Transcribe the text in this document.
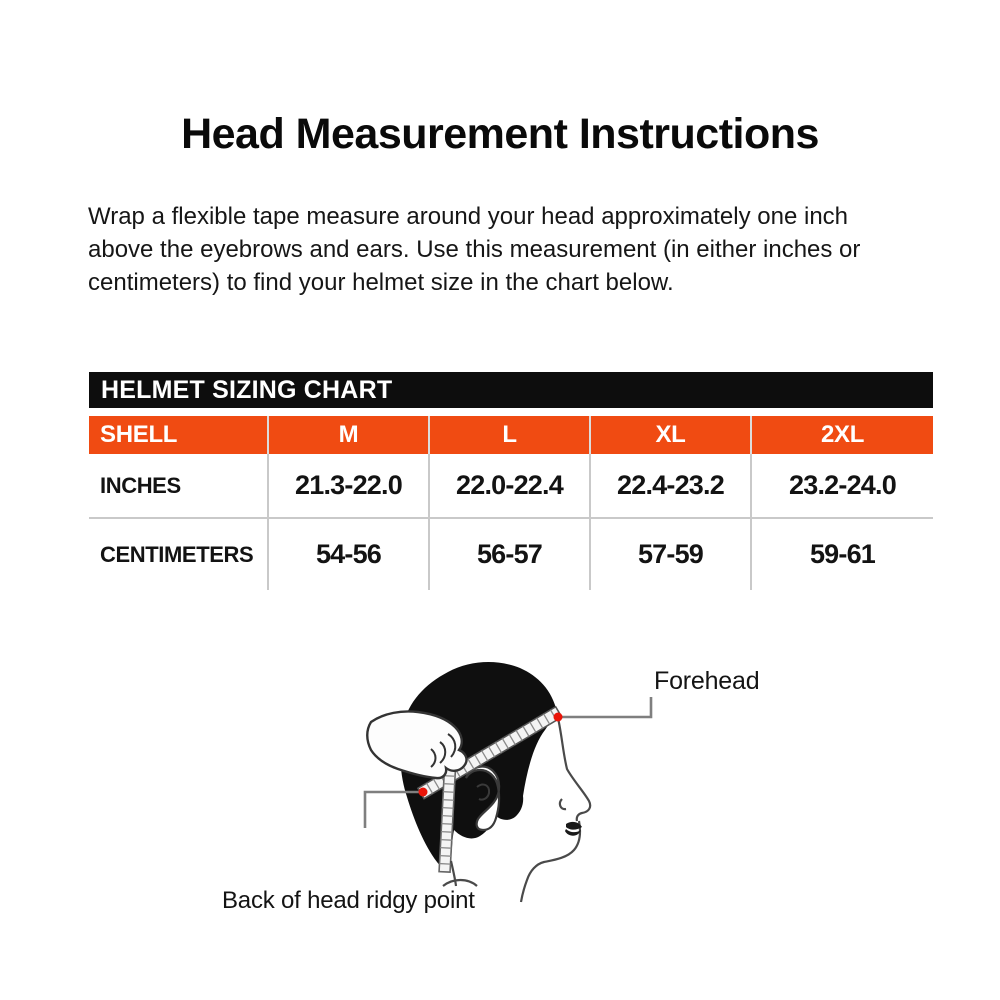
Head Measurement Instructions
Wrap a flexible tape measure around your head approximately one inch
above the eyebrows and ears. Use this measurement (in either inches or
centimeters) to find your helmet size in the chart below.
HELMET SIZING CHART
SHELL	M	L	XL	2XL
INCHES	21.3-22.0	22.0-22.4	22.4-23.2	23.2-24.0
CENTIMETERS	54-56	56-57	57-59	59-61
Forehead
Back of head ridgy point
